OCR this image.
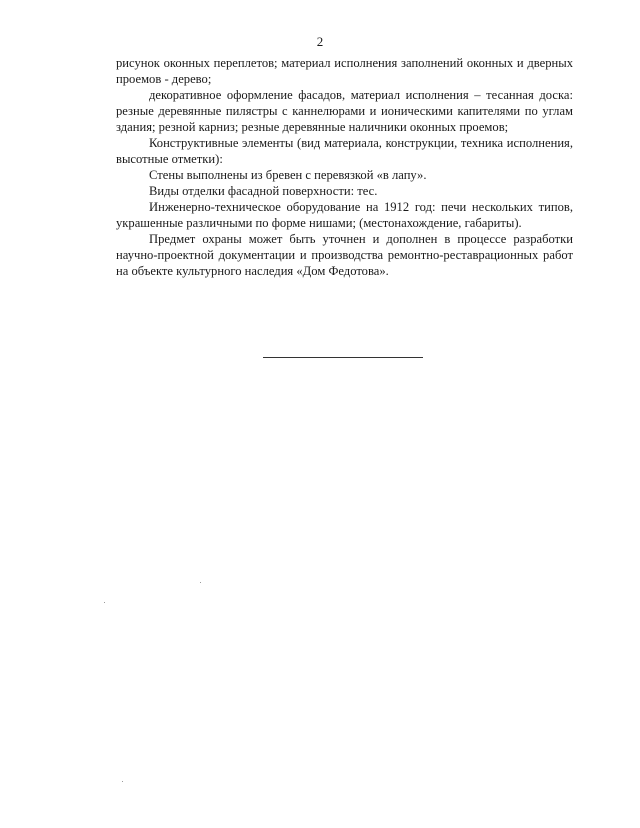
2

рисунок оконных переплетов; материал исполнения заполнений оконных и дверных проемов - дерево;

декоративное оформление фасадов, материал исполнения – тесанная доска: резные деревянные пилястры с каннелюрами и ионическими капителями по углам здания; резной карниз; резные деревянные наличники оконных проемов;

Конструктивные элементы (вид материала, конструкции, техника исполнения, высотные отметки):

Стены выполнены из бревен с перевязкой «в лапу».

Виды отделки фасадной поверхности: тес.

Инженерно-техническое оборудование на 1912 год: печи нескольких типов, украшенные различными по форме нишами; (местонахождение, габариты).

Предмет охраны может быть уточнен и дополнен в процессе разработки научно-проектной документации и производства ремонтно-реставрационных работ на объекте культурного наследия «Дом Федотова».
